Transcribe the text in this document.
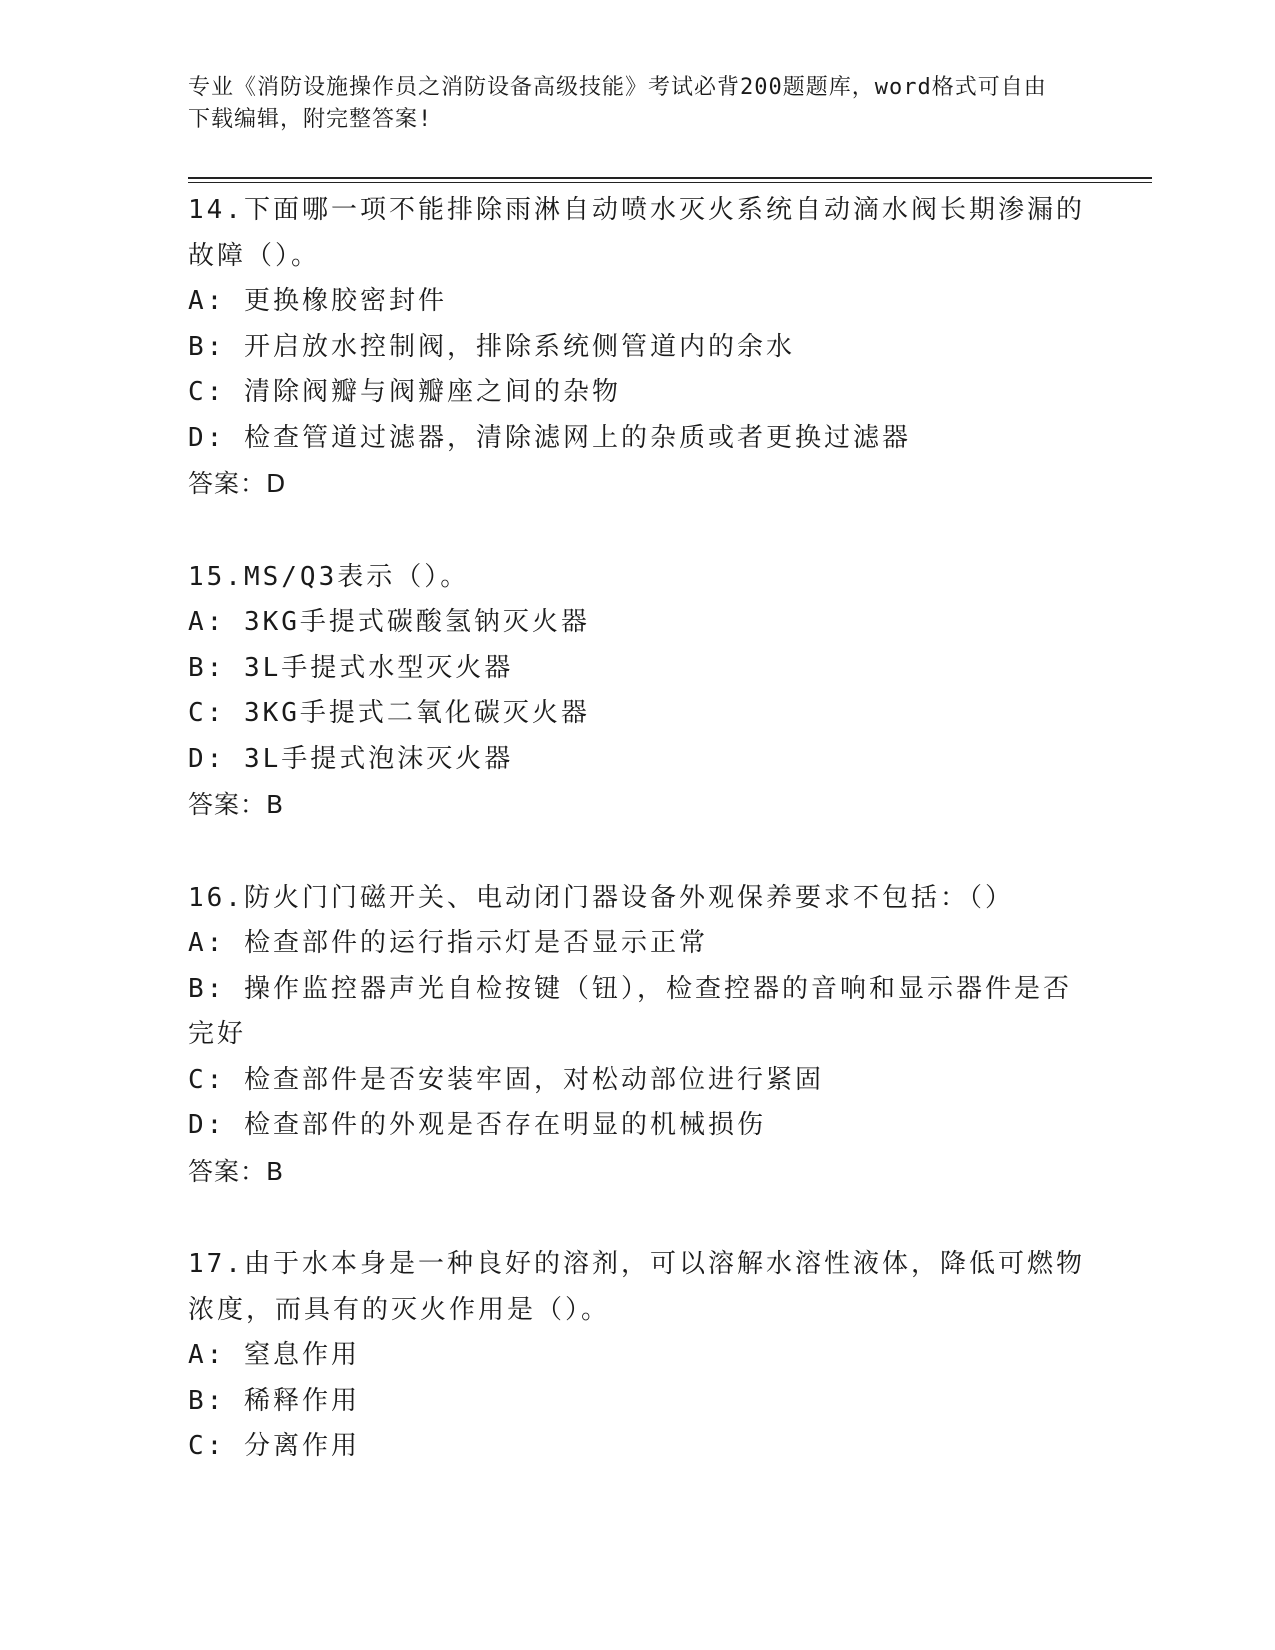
专业《消防设施操作员之消防设备高级技能》考试必背200题题库，word格式可自由下载编辑，附完整答案!
14.下面哪一项不能排除雨淋自动喷水灭火系统自动滴水阀长期渗漏的故障（）。
A: 更换橡胶密封件
B: 开启放水控制阀，排除系统侧管道内的余水
C: 清除阀瓣与阀瓣座之间的杂物
D: 检查管道过滤器，清除滤网上的杂质或者更换过滤器
答案：D
15.MS/Q3表示（）。
A: 3KG手提式碳酸氢钠灭火器
B: 3L手提式水型灭火器
C: 3KG手提式二氧化碳灭火器
D: 3L手提式泡沫灭火器
答案：B
16.防火门门磁开关、电动闭门器设备外观保养要求不包括：（）
A: 检查部件的运行指示灯是否显示正常
B: 操作监控器声光自检按键（钮），检查控器的音响和显示器件是否完好
C: 检查部件是否安装牢固，对松动部位进行紧固
D: 检查部件的外观是否存在明显的机械损伤
答案：B
17.由于水本身是一种良好的溶剂，可以溶解水溶性液体，降低可燃物浓度，而具有的灭火作用是（）。
A: 窒息作用
B: 稀释作用
C: 分离作用
